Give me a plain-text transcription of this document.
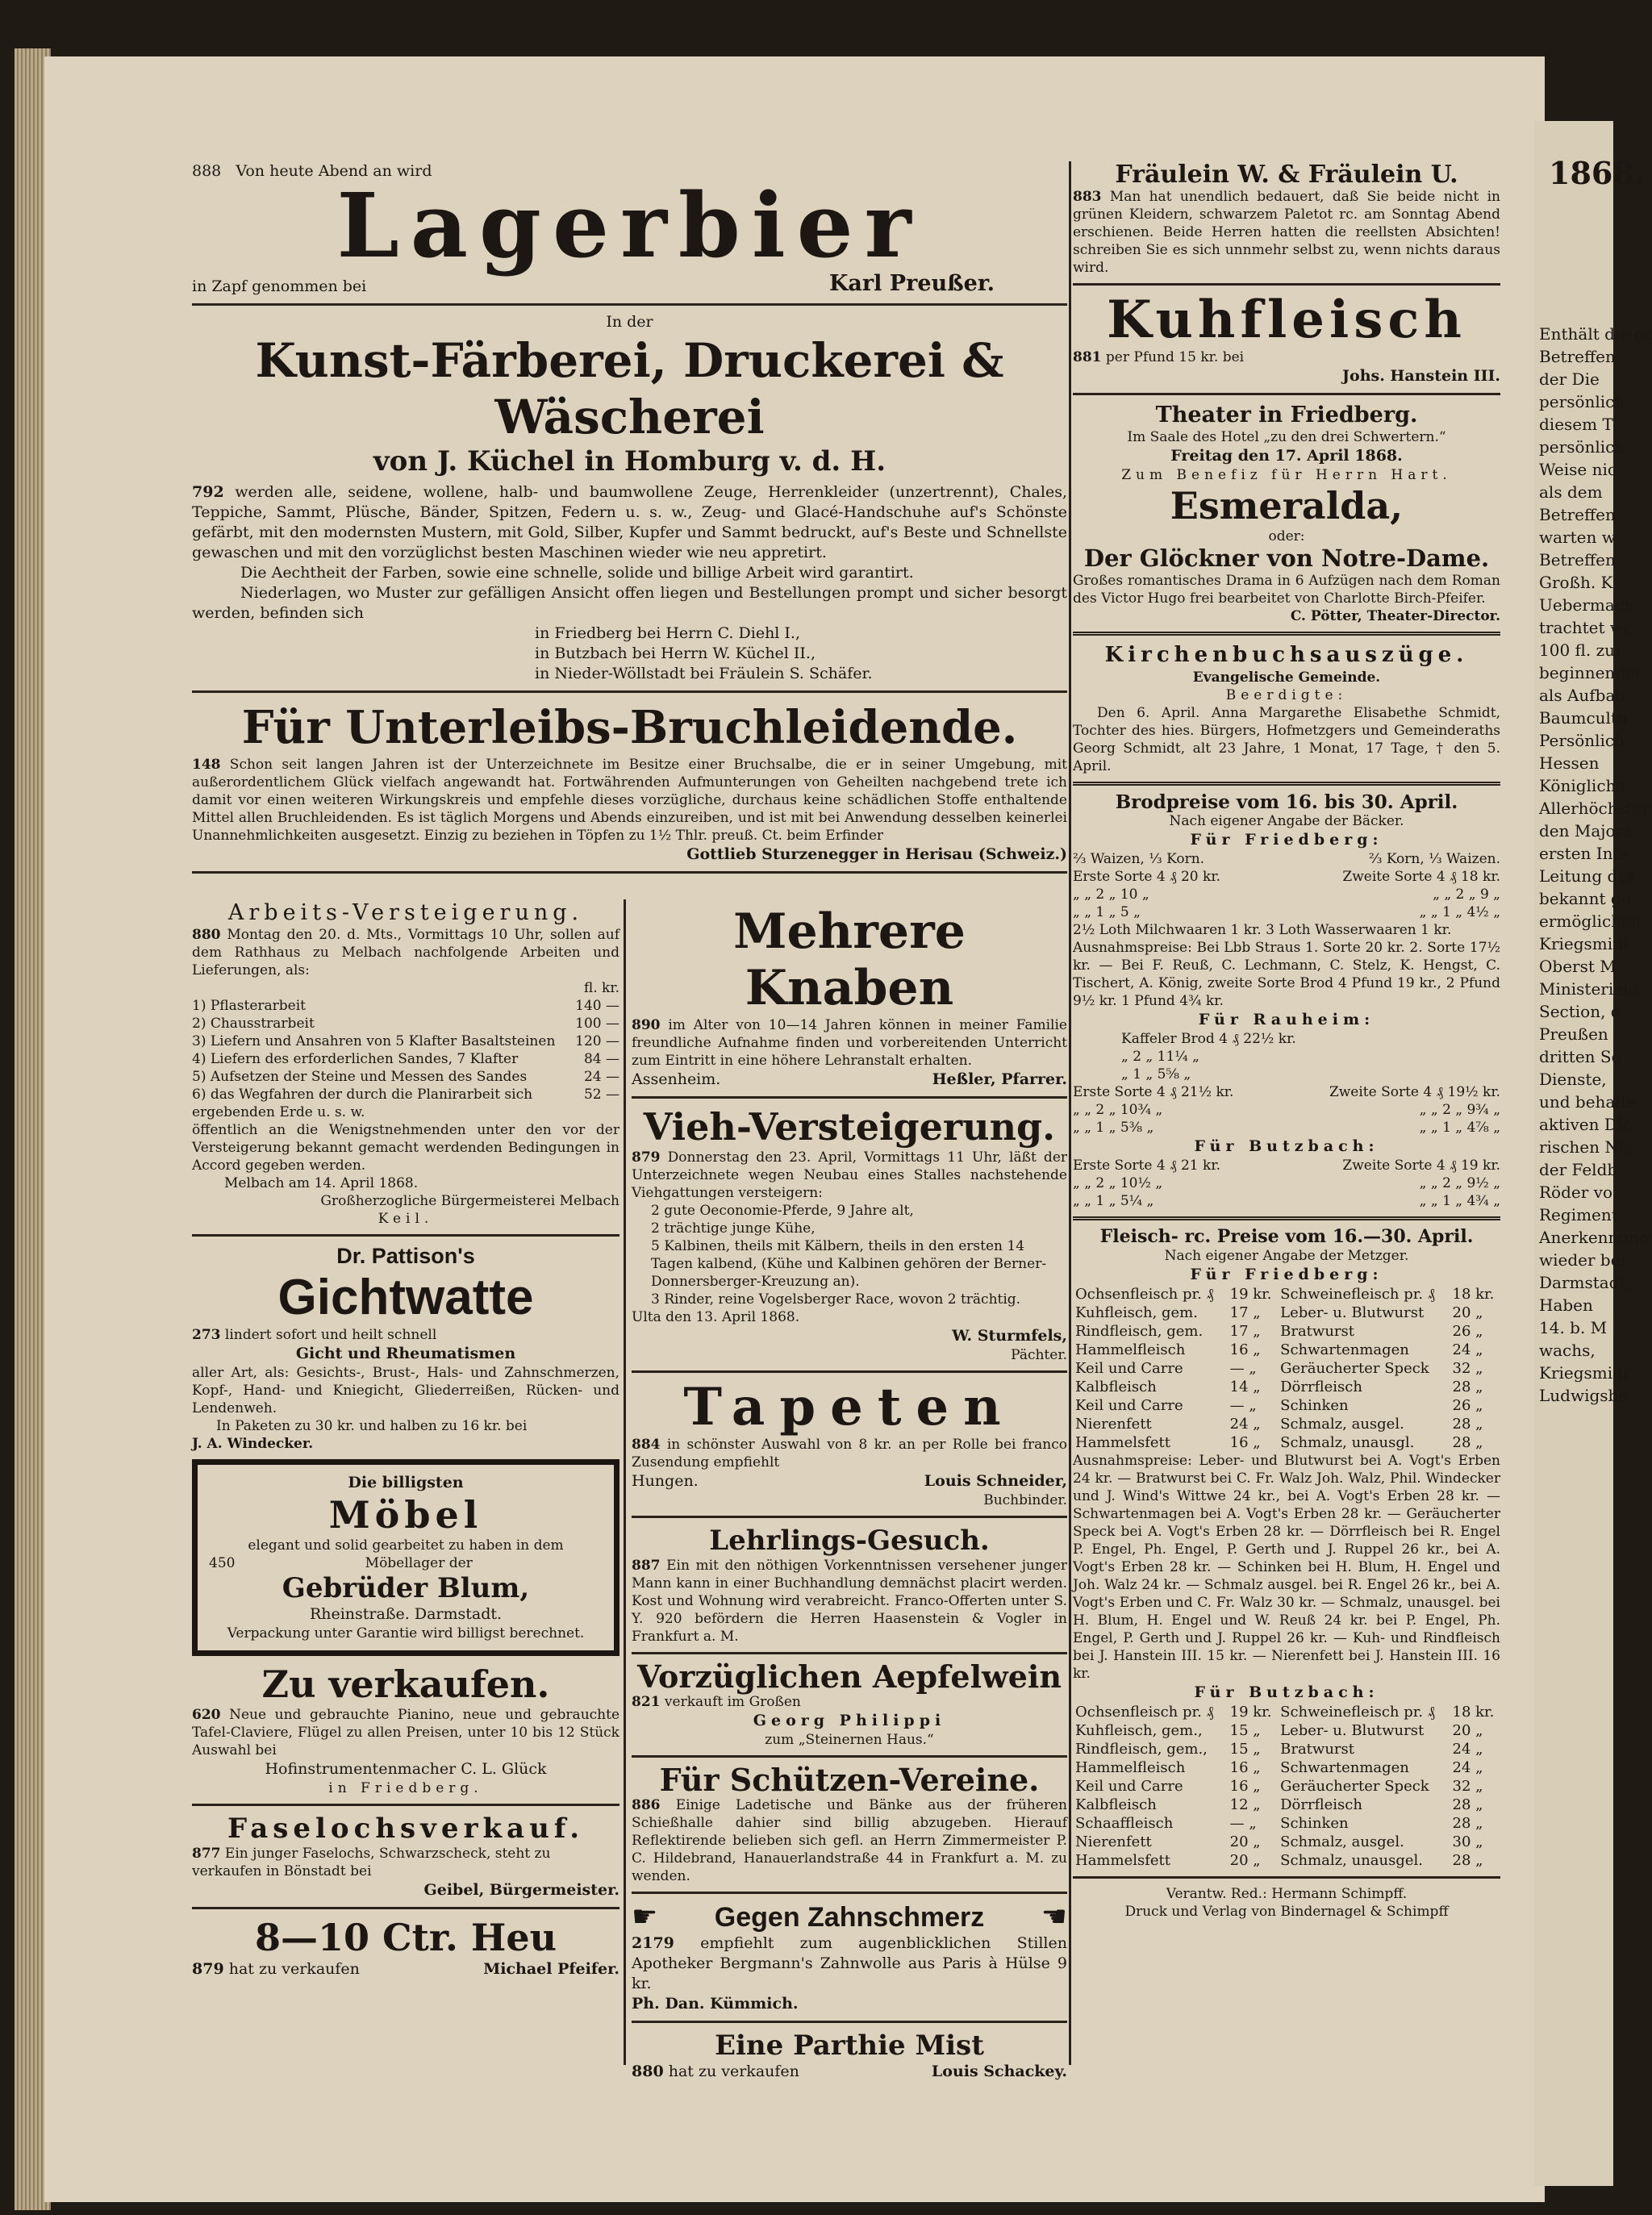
Enthält die or
Betreffen
der Die
persönlich
diesem T
persönlich
Weise nic
als dem
Betreffen
warten w
Betreffen
Großh. K
Uebermach
trachtet we
100 fl. zur
beginnender
als Aufbau
Baumcultu
Persönlich
Hessen
Königliche
Allerhöchster
den Majora
ersten Infa
Leitung des
bekannt ge
ermöglichen
Kriegsmini
Oberst M
Ministeriale
Section, d
Preußen
dritten Se
Dienste,
und behalte
aktiven Die
rischen Nie
der Feldb
Röder vo
Regiment,
Anerkennung
wieder bei
Darmstadt,
Haben
14. b. M
wachs,
Kriegsmini
Ludwigsbe
1868.
888 Von heute Abend an wird
Lagerbier
in Zapf genommen bei	Karl Preußer.
In der
Kunst-Färberei, Druckerei & Wäscherei
von J. Küchel in Homburg v. d. H.

792 werden alle, seidene, wollene, halb- und baumwollene Zeuge, Herrenkleider (unzertrennt), Chales, Teppiche, Sammt, Plüsche, Bänder, Spitzen, Federn u. s. w., Zeug- und Glacé-Handschuhe auf's Schönste gefärbt, mit den modernsten Mustern, mit Gold, Silber, Kupfer und Sammt bedruckt, auf's Beste und Schnellste gewaschen und mit den vorzüglichst besten Maschinen wieder wie neu appretirt.

Die Aechtheit der Farben, sowie eine schnelle, solide und billige Arbeit wird garantirt.

Niederlagen, wo Muster zur gefälligen Ansicht offen liegen und Bestellungen prompt und sicher besorgt werden, befinden sich

in Friedberg bei Herrn C. Diehl I.,
in Butzbach bei Herrn W. Küchel II.,
in Nieder-Wöllstadt bei Fräulein S. Schäfer.
Für Unterleibs-Bruchleidende.

148 Schon seit langen Jahren ist der Unterzeichnete im Besitze einer Bruchsalbe, die er in seiner Umgebung, mit außerordentlichem Glück vielfach angewandt hat. Fortwährenden Aufmunterungen von Geheilten nachgebend trete ich damit vor einen weiteren Wirkungskreis und empfehle dieses vorzügliche, durchaus keine schädlichen Stoffe enthaltende Mittel allen Bruchleidenden. Es ist täglich Morgens und Abends einzureiben, und ist mit bei Anwendung desselben keinerlei Unannehmlichkeiten ausgesetzt. Einzig zu beziehen in Töpfen zu 1½ Thlr. preuß. Ct. beim Erfinder

Gottlieb Sturzenegger in Herisau (Schweiz.)
Arbeits-Versteigerung.

880 Montag den 20. d. Mts., Vormittags 10 Uhr, sollen auf dem Rathhaus zu Melbach nachfolgende Arbeiten und Lieferungen, als:

fl. kr.
1) Pflasterarbeit	140 —
2) Chausstrarbeit	100 —
3) Liefern und Ansahren von 5 Klafter Basaltsteinen	120 —
4) Liefern des erforderlichen Sandes, 7 Klafter	84 —
5) Aufsetzen der Steine und Messen des Sandes	24 —
6) das Wegfahren der durch die Planirarbeit sich ergebenden Erde u. s. w.
52 —

öffentlich an die Wenigstnehmenden unter den vor der Versteigerung bekannt gemacht werdenden Bedingungen in Accord gegeben werden.

Melbach am 14. April 1868.
Großherzogliche Bürgermeisterei Melbach
Keil.
Dr. Pattison's
Gichtwatte
273 lindert sofort und heilt schnell
Gicht und Rheumatismen

aller Art, als: Gesichts-, Brust-, Hals- und Zahnschmerzen, Kopf-, Hand- und Kniegicht, Gliederreißen, Rücken- und Lendenweh.

In Paketen zu 30 kr. und halben zu 16 kr. bei

J. A. Windecker.
Die billigsten
Möbel
elegant und solid gearbeitet zu haben in dem
450	Möbellager der
Gebrüder Blum,
Rheinstraße. Darmstadt.
Verpackung unter Garantie wird billigst berechnet.
Zu verkaufen.

620 Neue und gebrauchte Pianino, neue und gebrauchte Tafel-Claviere, Flügel zu allen Preisen, unter 10 bis 12 Stück Auswahl bei

Hofinstrumentenmacher C. L. Glück
in Friedberg.
Faselochsverkauf.

877 Ein junger Faselochs, Schwarzscheck, steht zu verkaufen in Bönstadt bei

Geibel, Bürgermeister.
8—10 Ctr. Heu
879 hat zu verkaufen	Michael Pfeifer.
Mehrere Knaben

890 im Alter von 10—14 Jahren können in meiner Familie freundliche Aufnahme finden und vorbereitenden Unterricht zum Eintritt in eine höhere Lehranstalt erhalten.

Assenheim.	Heßler, Pfarrer.
Vieh-Versteigerung.

879 Donnerstag den 23. April, Vormittags 11 Uhr, läßt der Unterzeichnete wegen Neubau eines Stalles nachstehende Viehgattungen versteigern:

2 gute Oeconomie-Pferde, 9 Jahre alt,
2 trächtige junge Kühe,
5 Kalbinen, theils mit Kälbern, theils in den ersten 14 Tagen kalbend, (Kühe und Kalbinen gehören der Berner-Donnersberger-Kreuzung an).
3 Rinder, reine Vogelsberger Race, wovon 2 trächtig.
Ulta den 13. April 1868.
W. Sturmfels,
Pächter.
Tapeten

884 in schönster Auswahl von 8 kr. an per Rolle bei franco Zusendung empfiehlt

Hungen.	Louis Schneider,
Buchbinder.
Lehrlings-Gesuch.

887 Ein mit den nöthigen Vorkenntnissen versehener junger Mann kann in einer Buchhandlung demnächst placirt werden. Kost und Wohnung wird verabreicht. Franco-Offerten unter S. Y. 920 befördern die Herren Haasenstein & Vogler in Frankfurt a. M.

Vorzüglichen Aepfelwein
821 verkauft im Großen
Georg Philippi
zum „Steinernen Haus.“
Für Schützen-Vereine.

886 Einige Ladetische und Bänke aus der früheren Schießhalle dahier sind billig abzugeben. Hierauf Reflektirende belieben sich gefl. an Herrn Zimmermeister P. C. Hildebrand, Hanauerlandstraße 44 in Frankfurt a. M. zu wenden.

☛ Gegen Zahnschmerz ☚

2179 empfiehlt zum augenblicklichen Stillen Apotheker Bergmann's Zahnwolle aus Paris à Hülse 9 kr.

Ph. Dan. Kümmich.
Eine Parthie Mist
880 hat zu verkaufen	Louis Schackey.
Fräulein W. & Fräulein U.

883 Man hat unendlich bedauert, daß Sie beide nicht in grünen Kleidern, schwarzem Paletot rc. am Sonntag Abend erschienen. Beide Herren hatten die reellsten Absichten! schreiben Sie es sich unnmehr selbst zu, wenn nichts daraus wird.

Kuhfleisch
881 per Pfund 15 kr. bei
Johs. Hanstein III.
Theater in Friedberg.
Im Saale des Hotel „zu den drei Schwertern.“
Freitag den 17. April 1868.
Zum Benefiz für Herrn Hart.
Esmeralda,
oder:
Der Glöckner von Notre-Dame.

Großes romantisches Drama in 6 Aufzügen nach dem Roman des Victor Hugo frei bearbeitet von Charlotte Birch-Pfeifer.

C. Pötter, Theater-Director.
Kirchenbuchsauszüge.
Evangelische Gemeinde.
Beerdigte:

Den 6. April. Anna Margarethe Elisabethe Schmidt, Tochter des hies. Bürgers, Hofmetzgers und Gemeinderaths Georg Schmidt, alt 23 Jahre, 1 Monat, 17 Tage, † den 5. April.

Brodpreise vom 16. bis 30. April.
Nach eigener Angabe der Bäcker.
Für Friedberg:
⅔ Waizen, ⅓ Korn.	⅔ Korn, ⅓ Waizen.
Erste Sorte 4 ₰ 20 kr.	Zweite Sorte 4 ₰ 18 kr.
„ „ 2 „ 10 „	„ „ 2 „ 9 „
„ „ 1 „ 5 „	„ „ 1 „ 4½ „
2½ Loth Milchwaaren 1 kr. 3 Loth Wasserwaaren 1 kr.

Ausnahmspreise: Bei Lbb Straus 1. Sorte 20 kr. 2. Sorte 17½ kr. — Bei F. Reuß, C. Lechmann, C. Stelz, K. Hengst, C. Tischert, A. König, zweite Sorte Brod 4 Pfund 19 kr., 2 Pfund 9½ kr. 1 Pfund 4¾ kr.

Für Rauheim:
Kaffeler Brod 4 ₰ 22½ kr.
„ 2 „ 11¼ „
„ 1 „ 5⅝ „
Erste Sorte 4 ₰ 21½ kr.	Zweite Sorte 4 ₰ 19½ kr.
„ „ 2 „ 10¾ „	„ „ 2 „ 9¾ „
„ „ 1 „ 5⅜ „	„ „ 1 „ 4⅞ „
Für Butzbach:
Erste Sorte 4 ₰ 21 kr.	Zweite Sorte 4 ₰ 19 kr.
„ „ 2 „ 10½ „	„ „ 2 „ 9½ „
„ „ 1 „ 5¼ „	„ „ 1 „ 4¾ „
Fleisch- rc. Preise vom 16.—30. April.
Nach eigener Angabe der Metzger.
Für Friedberg:
Ochsenfleisch pr. ₰	19 kr.	Schweinefleisch pr. ₰	18 kr.
Kuhfleisch, gem.	17 „	Leber- u. Blutwurst	20 „
Rindfleisch, gem.	17 „	Bratwurst	26 „
Hammelfleisch	16 „	Schwartenmagen	24 „
Keil und Carre	— „	Geräucherter Speck	32 „
Kalbfleisch	14 „	Dörrfleisch	28 „
Keil und Carre	— „	Schinken	26 „
Nierenfett	24 „	Schmalz, ausgel.	28 „
Hammelsfett	16 „	Schmalz, unausgl.	28 „

Ausnahmspreise: Leber- und Blutwurst bei A. Vogt's Erben 24 kr. — Bratwurst bei C. Fr. Walz Joh. Walz, Phil. Windecker und J. Wind's Wittwe 24 kr., bei A. Vogt's Erben 28 kr. — Schwartenmagen bei A. Vogt's Erben 28 kr. — Geräucherter Speck bei A. Vogt's Erben 28 kr. — Dörrfleisch bei R. Engel P. Engel, Ph. Engel, P. Gerth und J. Ruppel 26 kr., bei A. Vogt's Erben 28 kr. — Schinken bei H. Blum, H. Engel und Joh. Walz 24 kr. — Schmalz ausgel. bei R. Engel 26 kr., bei A. Vogt's Erben und C. Fr. Walz 30 kr. — Schmalz, unausgel. bei H. Blum, H. Engel und W. Reuß 24 kr. bei P. Engel, Ph. Engel, P. Gerth und J. Ruppel 26 kr. — Kuh- und Rindfleisch bei J. Hanstein III. 15 kr. — Nierenfett bei J. Hanstein III. 16 kr.

Für Butzbach:
Ochsenfleisch pr. ₰	19 kr.	Schweinefleisch pr. ₰	18 kr.
Kuhfleisch, gem.,	15 „	Leber- u. Blutwurst	20 „
Rindfleisch, gem.,	15 „	Bratwurst	24 „
Hammelfleisch	16 „	Schwartenmagen	24 „
Keil und Carre	16 „	Geräucherter Speck	32 „
Kalbfleisch	12 „	Dörrfleisch	28 „
Schaaffleisch	— „	Schinken	28 „
Nierenfett	20 „	Schmalz, ausgel.	30 „
Hammelsfett	20 „	Schmalz, unausgel.	28 „
Verantw. Red.: Hermann Schimpff.
Druck und Verlag von Bindernagel & Schimpff
